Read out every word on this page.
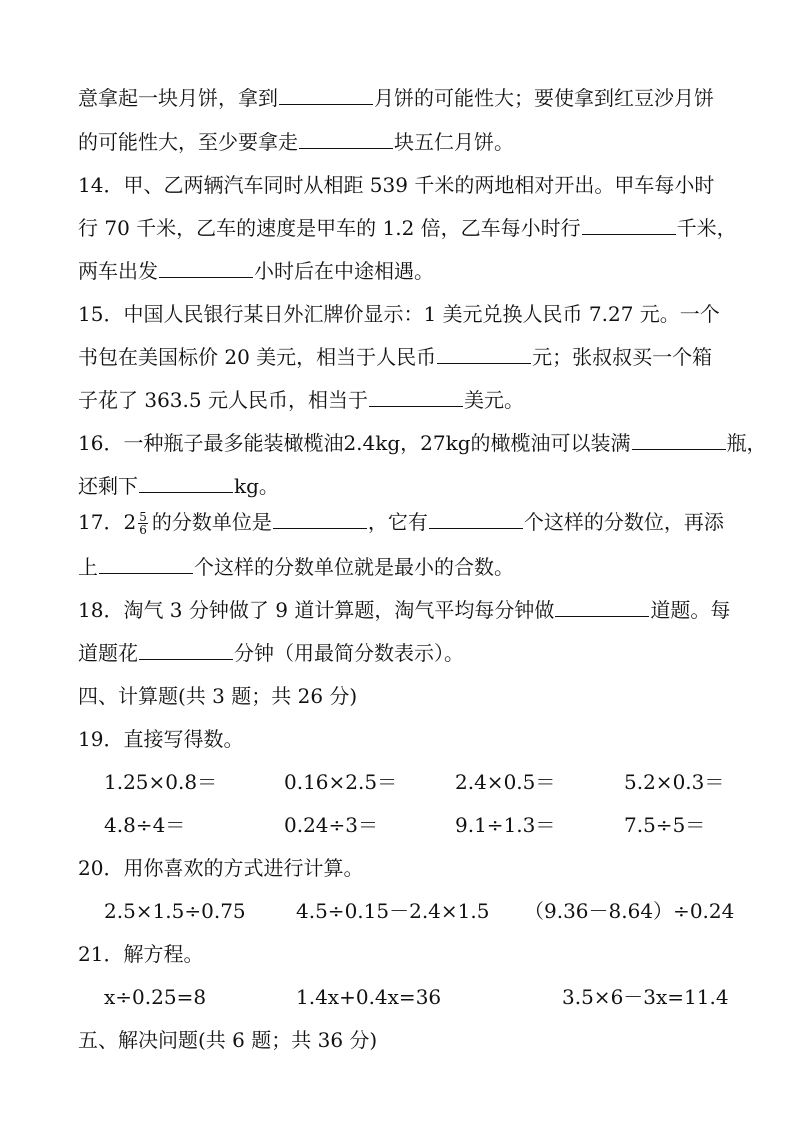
意拿起一块月饼，拿到	月饼的可能性大；要使拿到红豆沙月饼
的可能性大，至少要拿走	块五仁月饼。
14．甲、乙两辆汽车同时从相距 539 千米的两地相对开出。甲车每小时
行 70 千米，乙车的速度是甲车的 1.2 倍，乙车每小时行	千米，
两车出发	小时后在中途相遇。
15．中国人民银行某日外汇牌价显示：1 美元兑换人民币 7.27 元。一个
书包在美国标价 20 美元，相当于人民币	元；张叔叔买一个箱
子花了 363.5 元人民币，相当于	美元。
16．一种瓶子最多能装橄榄油2.4kg，27kg的橄榄油可以装满	瓶，
还剩下	kg。
17．$2 \frac{5}{6}$ 的分数单位是	，它有	个这样的分数位，再添
上	个这样的分数单位就是最小的合数。
18．淘气 3 分钟做了 9 道计算题，淘气平均每分钟做	道题。每
道题花	分钟（用最简分数表示）。
四、计算题(共 3 题；共 26 分)
19．直接写得数。
1.25×0.8＝	0.16×2.5＝	2.4×0.5＝	5.2×0.3＝
4.8÷4＝	0.24÷3＝	9.1÷1.3＝	7.5÷5＝
20．用你喜欢的方式进行计算。
2.5×1.5÷0.75	4.5÷0.15－2.4×1.5 （9.36－8.64）÷0.24
21．解方程。
x÷0.25=8	1.4x+0.4x=36	3.5×6－3x=11.4
五、解决问题(共 6 题；共 36 分)
